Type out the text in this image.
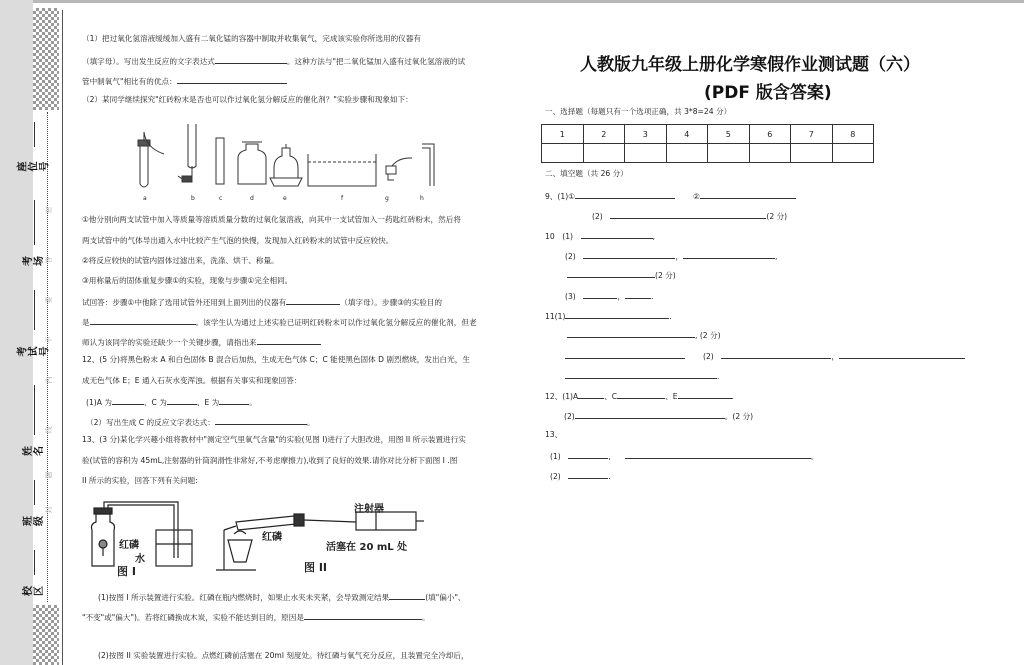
座位号
考场
考试号
姓名
班级
校区
密
封
线
内
不
要
答
题
（1）把过氧化氢溶液缓缓加入盛有二氧化锰的容器中制取并收集氧气，完成该实验你所选用的仪器有
（填字母）。写出发生反应的文字表达式	。这种方法与"把二氧化锰加入盛有过氧化氢溶液的试
管中制氧气"相比有的优点：
（2）某同学继续探究"红砖粉末是否也可以作过氧化氢分解反应的催化剂？"实验步骤和现象如下：
a	b	c	d	e	f	g	h
①他分别向两支试管中加入等质量等溶质质量分数的过氧化氢溶液，向其中一支试管加入一药匙红砖粉末，然后将
两支试管中的气体导出通入水中比较产生气泡的快慢，发现加入红砖粉末的试管中反应较快。
②将反应较快的试管内固体过滤出来，洗涤、烘干、称量。
③用称量后的固体重复步骤①的实验，现象与步骤①完全相同。
试回答：步骤①中他除了选用试管外还用到上面列出的仪器有	（填字母）。步骤③的实验目的
是	。该学生认为通过上述实验已证明红砖粉末可以作过氧化氢分解反应的催化剂，但老
师认为该同学的实验还缺少一个关键步骤，请指出来
12、(5 分)将黑色粉末 A 和白色固体 B 混合后加热，生成无色气体 C；C 能使黑色固体 D 剧烈燃烧，发出白光，生
成无色气体 E；E 通入石灰水变浑浊。根据有关事实和现象回答：
(1)A 为	、C 为	、E 为	。
（2）写出生成 C 的反应文字表达式：	。
13、(3 分)某化学兴趣小组将教材中"测定空气里氧气含量"的实验(见图 I)进行了大胆改进，用图 II 所示装置进行实
验(试管的容积为 45mL,注射器的针筒润滑性非常好,不考虑摩擦力),收到了良好的效果.请你对比分析下面图 I .图
II 所示的实验，回答下列有关问题:
红磷
水
图 I
注射器
红磷
活塞在 20 mL 处
图 II
(1)按图 I 所示装置进行实验。红磷在瓶内燃烧时，如果止水夹未夹紧，会导致测定结果	(填"偏小"、
"不变"或"偏大")。若将红磷换成木炭，实验不能达到目的，原因是	。
(2)按图 II 实验装置进行实验。点燃红磷前活塞在 20ml 刻度处。待红磷与氧气充分反应，且装置完全冷却后，
人教版九年级上册化学寒假作业测试题（六）
(PDF 版含答案)
一、选择题（每题只有一个选项正确，共 3*8=24 分）
1	2	3	4	5	6	7	8

二、填空题（共 26 分）
9、(1)①	②
(2)　	(2 分)
10　(1)　	,
(2)　	，	,
(2 分)
(3)　	，	.
11(1)	.
, (2 分)
(2)　	，
.
12、(1)A	、C	、E	.
(2)	。(2 分)
13、
(1)　	,	。
(2)　	.
